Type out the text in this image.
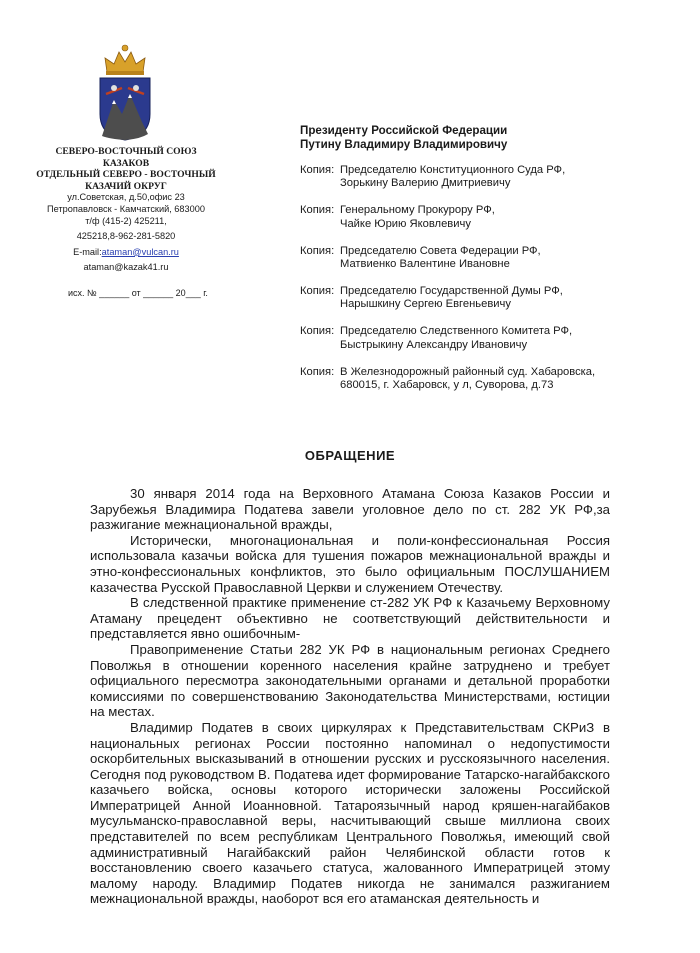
СЕВЕРО-ВОСТОЧНЫЙ СОЮЗ
КАЗАКОВ
ОТДЕЛЬНЫЙ СЕВЕРО - ВОСТОЧНЫЙ
КАЗАЧИЙ ОКРУГ
ул.Советская, д.50,офис 23
Петропавловск - Камчатский, 683000
т/ф (415-2) 425211,
425218,8-962-281-5820
E-mail:ataman@vulcan.ru
ataman@kazak41.ru
исх. № ______ от ______ 20___ г.
Президенту Российской Федерации
Путину Владимиру Владимировичу
Копия: Председателю Конституционного Суда РФ,
Зорькину Валерию Дмитриевичу
Копия: Генеральному Прокурору РФ,
Чайке Юрию Яковлевичу
Копия: Председателю Совета Федерации РФ,
Матвиенко Валентине Ивановне
Копия: Председателю Государственной Думы РФ,
Нарышкину Сергею Евгеньевичу
Копия: Председателю Следственного Комитета РФ,
Быстрыкину Александру Ивановичу
Копия: В Железнодорожный районный суд. Хабаровска,
680015, г. Хабаровск, у л, Суворова, д.73
ОБРАЩЕНИЕ

30 января 2014 года на Верховного Атамана Союза Казаков России и Зарубежья Владимира Податева завели уголовное дело по ст. 282 УК РФ,за разжигание межнациональной вражды,

Исторически, многонациональная и поли-конфессиональная Россия использовала казачьи войска для тушения пожаров межнациональной вражды и этно-конфессиональных конфликтов, это было официальным ПОСЛУШАНИЕМ казачества Русской Православной Церкви и служением Отечеству.

В следственной практике применение ст-282 УК РФ к Казачьему Верховному Атаману прецедент объективно не соответствующий действительности и представляется явно ошибочным-

Правоприменение Статьи 282 УК РФ в национальным регионах Среднего Поволжья в отношении коренного населения крайне затруднено и требует официального пересмотра законодательными органами и детальной проработки комиссиями по совершенствованию Законодательства Министерствами, юстиции на местах.

Владимир Податев в своих циркулярах к Представительствам СКРиЗ в национальных регионах России постоянно напоминал о недопустимости оскорбительных высказываний в отношении русских и русскоязычного населения. Сегодня под руководством В. Податева идет формирование Татарско-нагайбакского казачьего войска, основы которого исторически заложены Российской Императрицей Анной Иоанновной. Татароязычный народ кряшен-нагайбаков мусульманско-православной веры, насчитывающий свыше миллиона своих представителей по всем республикам Центрального Поволжья, имеющий свой административный Нагайбакский район Челябинской области готов к восстановлению своего казачьего статуса, жалованного Императрицей этому малому народу. Владимир Податев никогда не занимался разжиганием межнациональной вражды, наоборот вся его атаманская деятельность и
